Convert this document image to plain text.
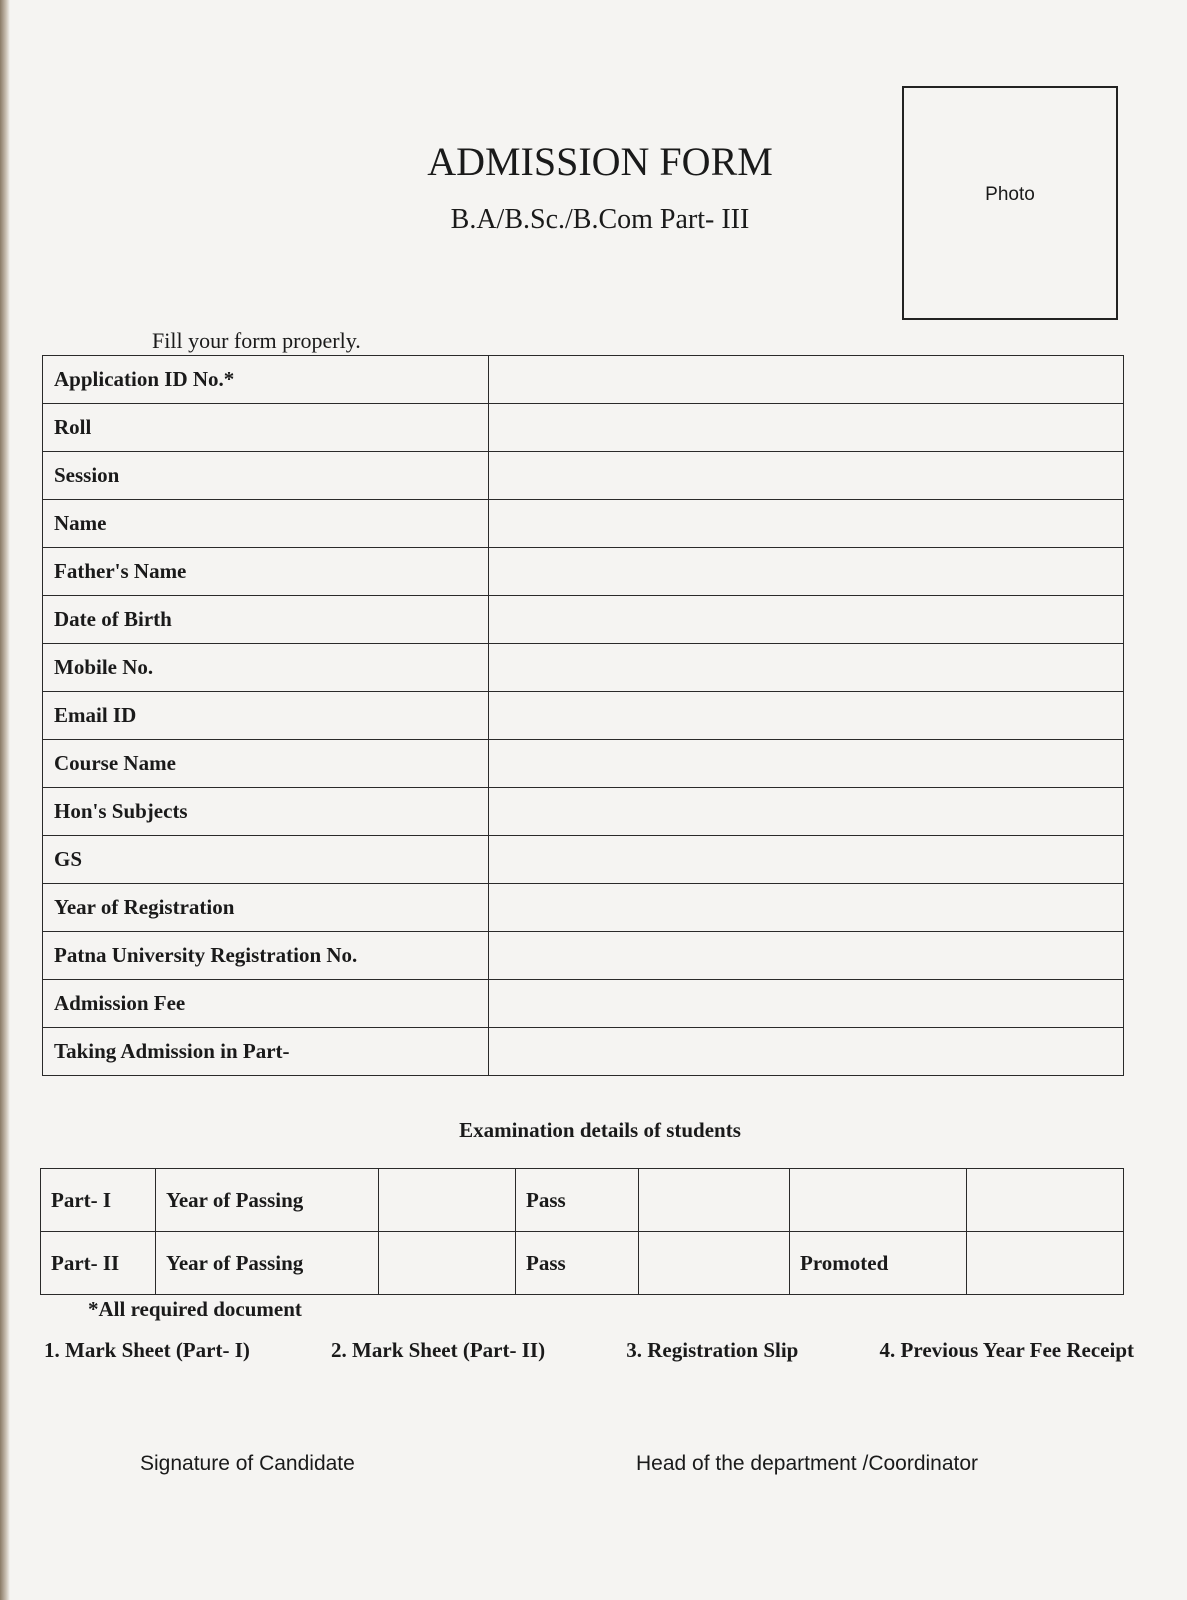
ADMISSION FORM
B.A/B.Sc./B.Com Part- III
Photo
Fill your form properly.
Application ID No.*	
Roll	
Session	
Name	
Father's Name	
Date of Birth	
Mobile No.	
Email ID	
Course Name	
Hon's Subjects	
GS	
Year of Registration	
Patna University Registration No.	
Admission Fee	
Taking Admission in Part-	
Examination details of students
Part- I	Year of Passing		Pass			
Part- II	Year of Passing		Pass		Promoted	
*All required document
1. Mark Sheet (Part- I)	2. Mark Sheet (Part- II)	3. Registration Slip	4. Previous Year Fee Receipt
Signature of Candidate	Head of the department /Coordinator
